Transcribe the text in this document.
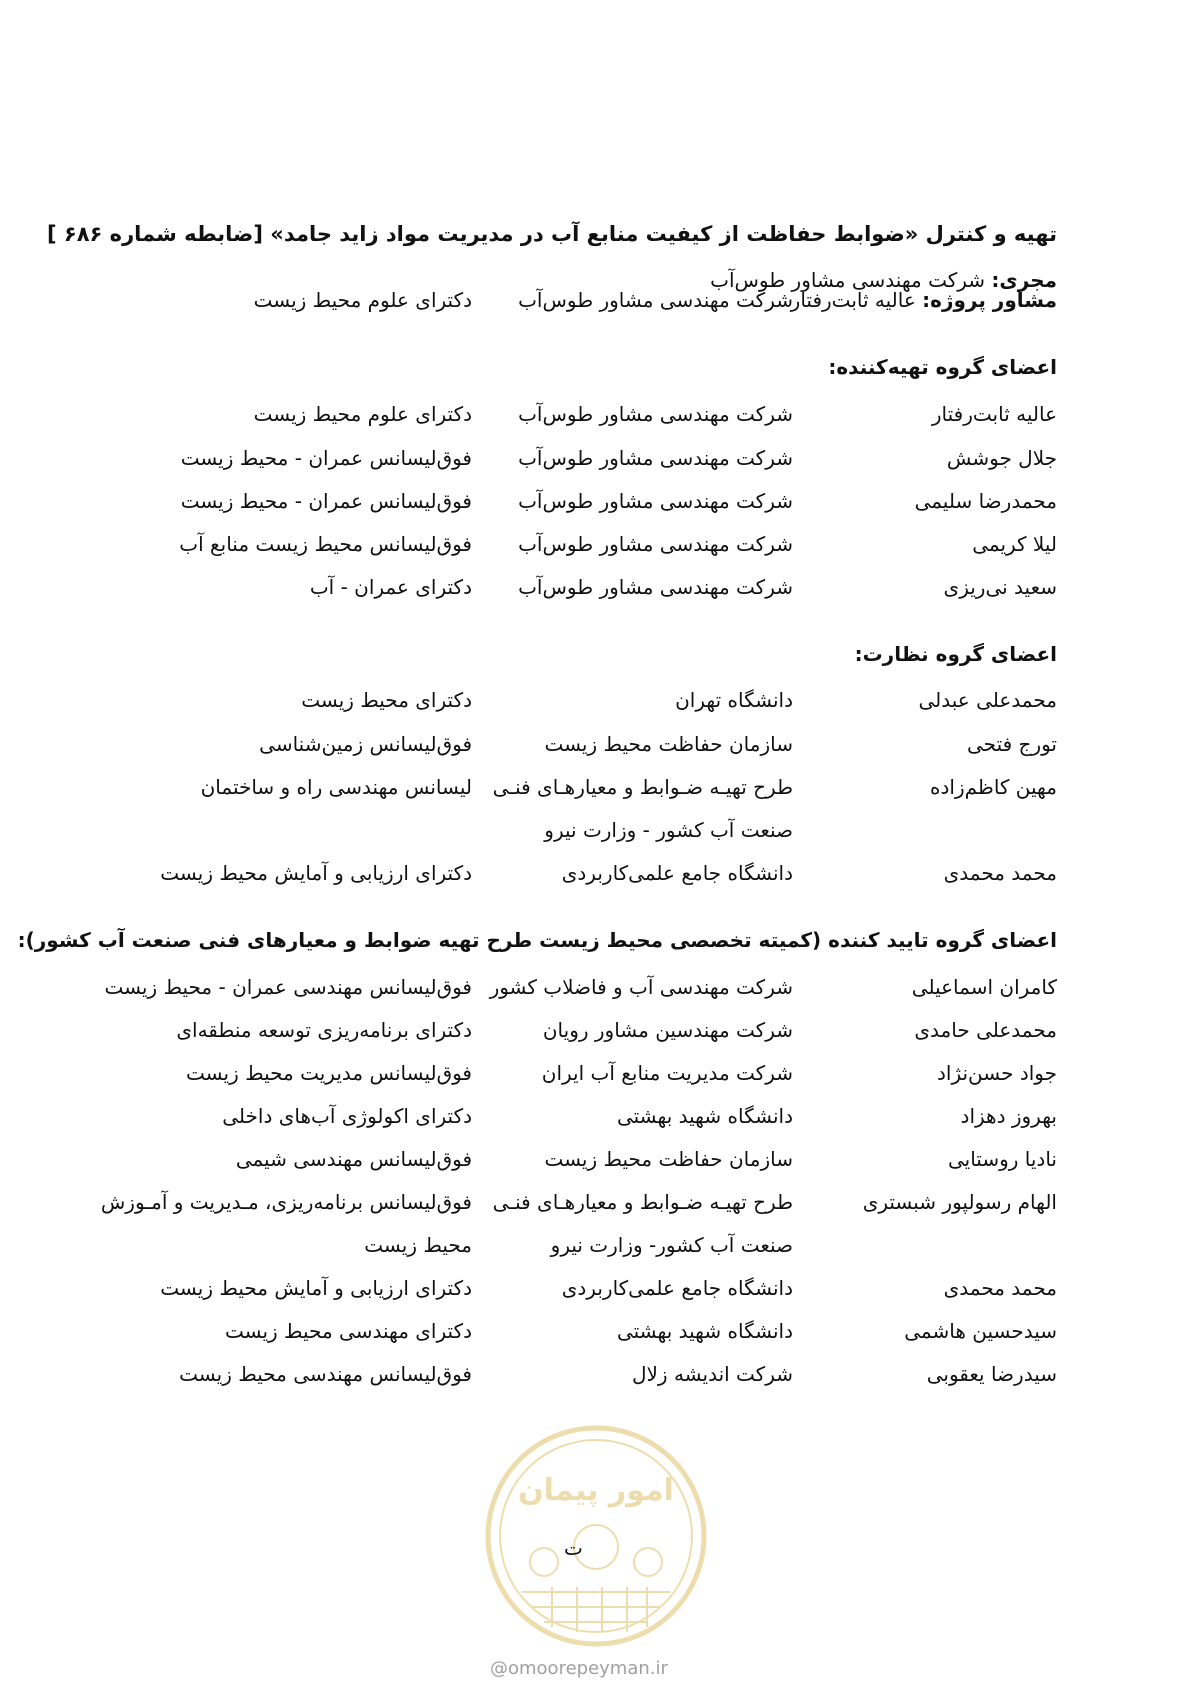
تهیه و کنترل «ضوابط حفاظت از کیفیت منابع آب در مدیریت مواد زاید جامد» [ضابطه شماره ۶۸۶ ]
مجری: شرکت مهندسی مشاور طوس‌آب
مشاور پروژه: عالیه ثابت‌رفتار
شرکت مهندسی مشاور طوس‌آب
دکترای علوم محیط زیست
اعضای گروه تهیه‌کننده:
عالیه ثابت‌رفتار
شرکت مهندسی مشاور طوس‌آب
دکترای علوم محیط زیست
جلال جوشش
شرکت مهندسی مشاور طوس‌آب
فوق‌لیسانس عمران - محیط زیست
محمدرضا سلیمی
شرکت مهندسی مشاور طوس‌آب
فوق‌لیسانس عمران - محیط زیست
لیلا کریمی
شرکت مهندسی مشاور طوس‌آب
فوق‌لیسانس محیط زیست منابع آب
سعید نی‌ریزی
شرکت مهندسی مشاور طوس‌آب
دکترای عمران - آب
اعضای گروه نظارت:
محمدعلی عبدلی
دانشگاه تهران
دکترای محیط زیست
تورج فتحی
سازمان حفاظت محیط زیست
فوق‌لیسانس زمین‌شناسی
مهین کاظم‌زاده
طرح تهیـه ضـوابط و معیارهـای فنـی
لیسانس مهندسی راه و ساختمان
صنعت آب کشور - وزارت نیرو
محمد محمدی
دانشگاه جامع علمی‌کاربردی
دکترای ارزیابی و آمایش محیط زیست
اعضای گروه تایید کننده (کمیته تخصصی محیط زیست طرح تهیه ضوابط و معیارهای فنی صنعت آب کشور):
کامران اسماعیلی
شرکت مهندسی آب و فاضلاب کشور
فوق‌لیسانس مهندسی عمران - محیط زیست
محمدعلی حامدی
شرکت مهندسین مشاور رویان
دکترای برنامه‌ریزی توسعه منطقه‌ای
جواد حسن‌نژاد
شرکت مدیریت منابع آب ایران
فوق‌لیسانس مدیریت محیط زیست
بهروز دهزاد
دانشگاه شهید بهشتی
دکترای اکولوژی آب‌های داخلی
نادیا روستایی
سازمان حفاظت محیط زیست
فوق‌لیسانس مهندسی شیمی
الهام رسولپور شبستری
طرح تهیـه ضـوابط و معیارهـای فنـی
فوق‌لیسانس برنامه‌ریزی، مـدیریت و آمـوزش
صنعت آب کشور- وزارت نیرو
محیط زیست
محمد محمدی
دانشگاه جامع علمی‌کاربردی
دکترای ارزیابی و آمایش محیط زیست
سیدحسین هاشمی
دانشگاه شهید بهشتی
دکترای مهندسی محیط زیست
سیدرضا یعقوبی
شرکت اندیشه زلال
فوق‌لیسانس مهندسی محیط زیست
امور پیمان
ت
@omoorepeyman.ir
